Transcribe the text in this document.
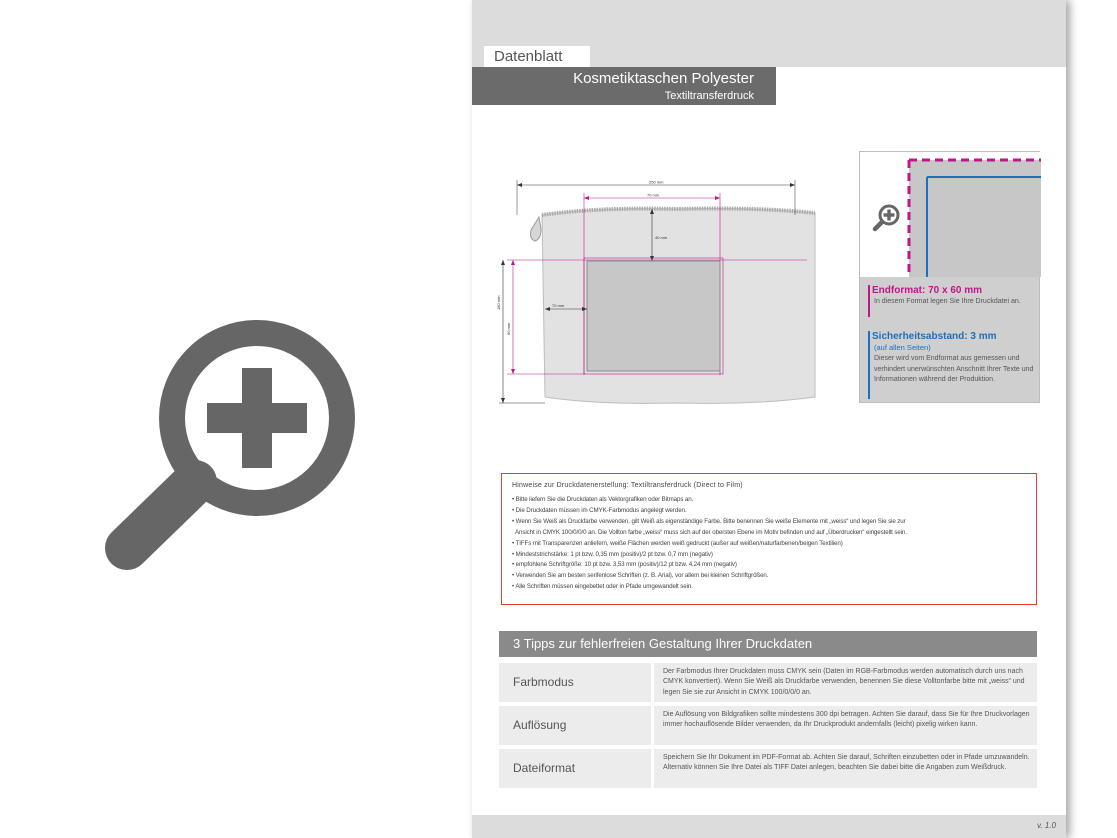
Datenblatt
Kosmetiktaschen Polyester
Textiltransferdruck
250 mm
70 mm
40 mm
70 mm
180 mm
60 mm
Endformat: 70 x 60 mm
In diesem Format legen Sie Ihre Druckdatei an.
Sicherheitsabstand: 3 mm
(auf allen Seiten)
Dieser wird vom Endformat aus gemessen und verhindert unerwünschten Anschnitt Ihrer Texte und Informationen während der Produktion.
Hinweise zur Druckdatenerstellung: Textiltransferdruck (Direct to Film)
• Bitte liefern Sie die Druckdaten als Vektorgrafiken oder Bitmaps an.
• Die Druckdaten müssen im CMYK-Farbmodus angelegt werden.
• Wenn Sie Weiß als Druckfarbe verwenden, gilt Weiß als eigenständige Farbe. Bitte benennen Sie weiße Elemente mit „weiss“ und legen Sie sie zur
Ansicht in CMYK 100/0/0/0 an. Die Vollton farbe „weiss“ muss sich auf der obersten Ebene im Motiv befinden und auf „Überdrucken“ eingestellt sein.
• TIFFs mit Transparenzen anliefern, weiße Flächen werden weiß gedruckt (außer auf weißen/naturfarbenen/beigen Textilien)
• Mindeststrichstärke: 1 pt bzw. 0,35 mm (positiv)/2 pt bzw. 0,7 mm (negativ)
• empfohlene Schriftgröße: 10 pt bzw. 3,53 mm (positiv)/12 pt bzw. 4,24 mm (negativ)
• Verwenden Sie am besten serifenlose Schriften (z. B. Arial), vor allem bei kleinen Schriftgrößen.
• Alle Schriften müssen eingebettet oder in Pfade umgewandelt sein.
3 Tipps zur fehlerfreien Gestaltung Ihrer Druckdaten
Farbmodus
Der Farbmodus Ihrer Druckdaten muss CMYK sein (Daten im RGB-Farbmodus werden automatisch durch uns nach CMYK konvertiert). Wenn Sie Weiß als Druckfarbe verwenden, benennen Sie diese Volltonfarbe bitte mit „weiss“ und legen Sie sie zur Ansicht in CMYK 100/0/0/0 an.
Auflösung
Die Auflösung von Bildgrafiken sollte mindestens 300 dpi betragen. Achten Sie darauf, dass Sie für Ihre Druckvorlagen immer hochauflösende Bilder verwenden, da Ihr Druckprodukt andernfalls (leicht) pixelig wirken kann.
Dateiformat
Speichern Sie Ihr Dokument im PDF-Format ab. Achten Sie darauf, Schriften einzubetten oder in Pfade umzuwandeln. Alternativ können Sie Ihre Datei als TIFF Datei anlegen, beachten Sie dabei bitte die Angaben zum Weißdruck.
v. 1.0
